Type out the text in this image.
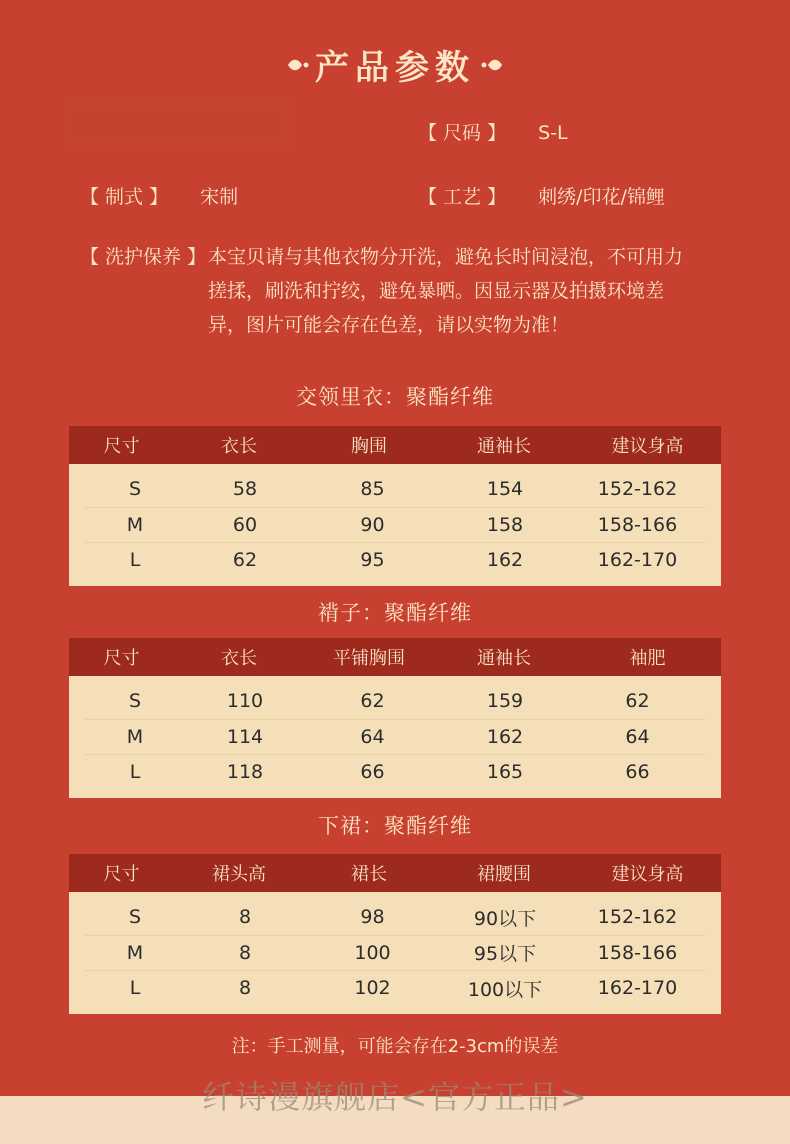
产品参数
【 尺码 】 S-L
【 制式 】 宋制	【 工艺 】 刺绣/印花/锦鲤
【 洗护保养 】 本宝贝请与其他衣物分开洗，避免长时间浸泡，不可用力搓揉，刷洗和拧绞，避免暴晒。因显示器及拍摄环境差异，图片可能会存在色差，请以实物为准！
交领里衣：聚酯纤维
尺寸	衣长	胸围	通袖长	建议身高
S	58	85	154	152-162
M	60	90	158	158-166
L	62	95	162	162-170
褙子：聚酯纤维
尺寸	衣长	平铺胸围	通袖长	袖肥
S	110	62	159	62
M	114	64	162	64
L	118	66	165	66
下裙：聚酯纤维
尺寸	裙头高	裙长	裙腰围	建议身高
S	8	98	90以下	152-162
M	8	100	95以下	158-166
L	8	102	100以下	162-170
注：手工测量，可能会存在2-3cm的误差
纤诗漫旗舰店<官方正品>
